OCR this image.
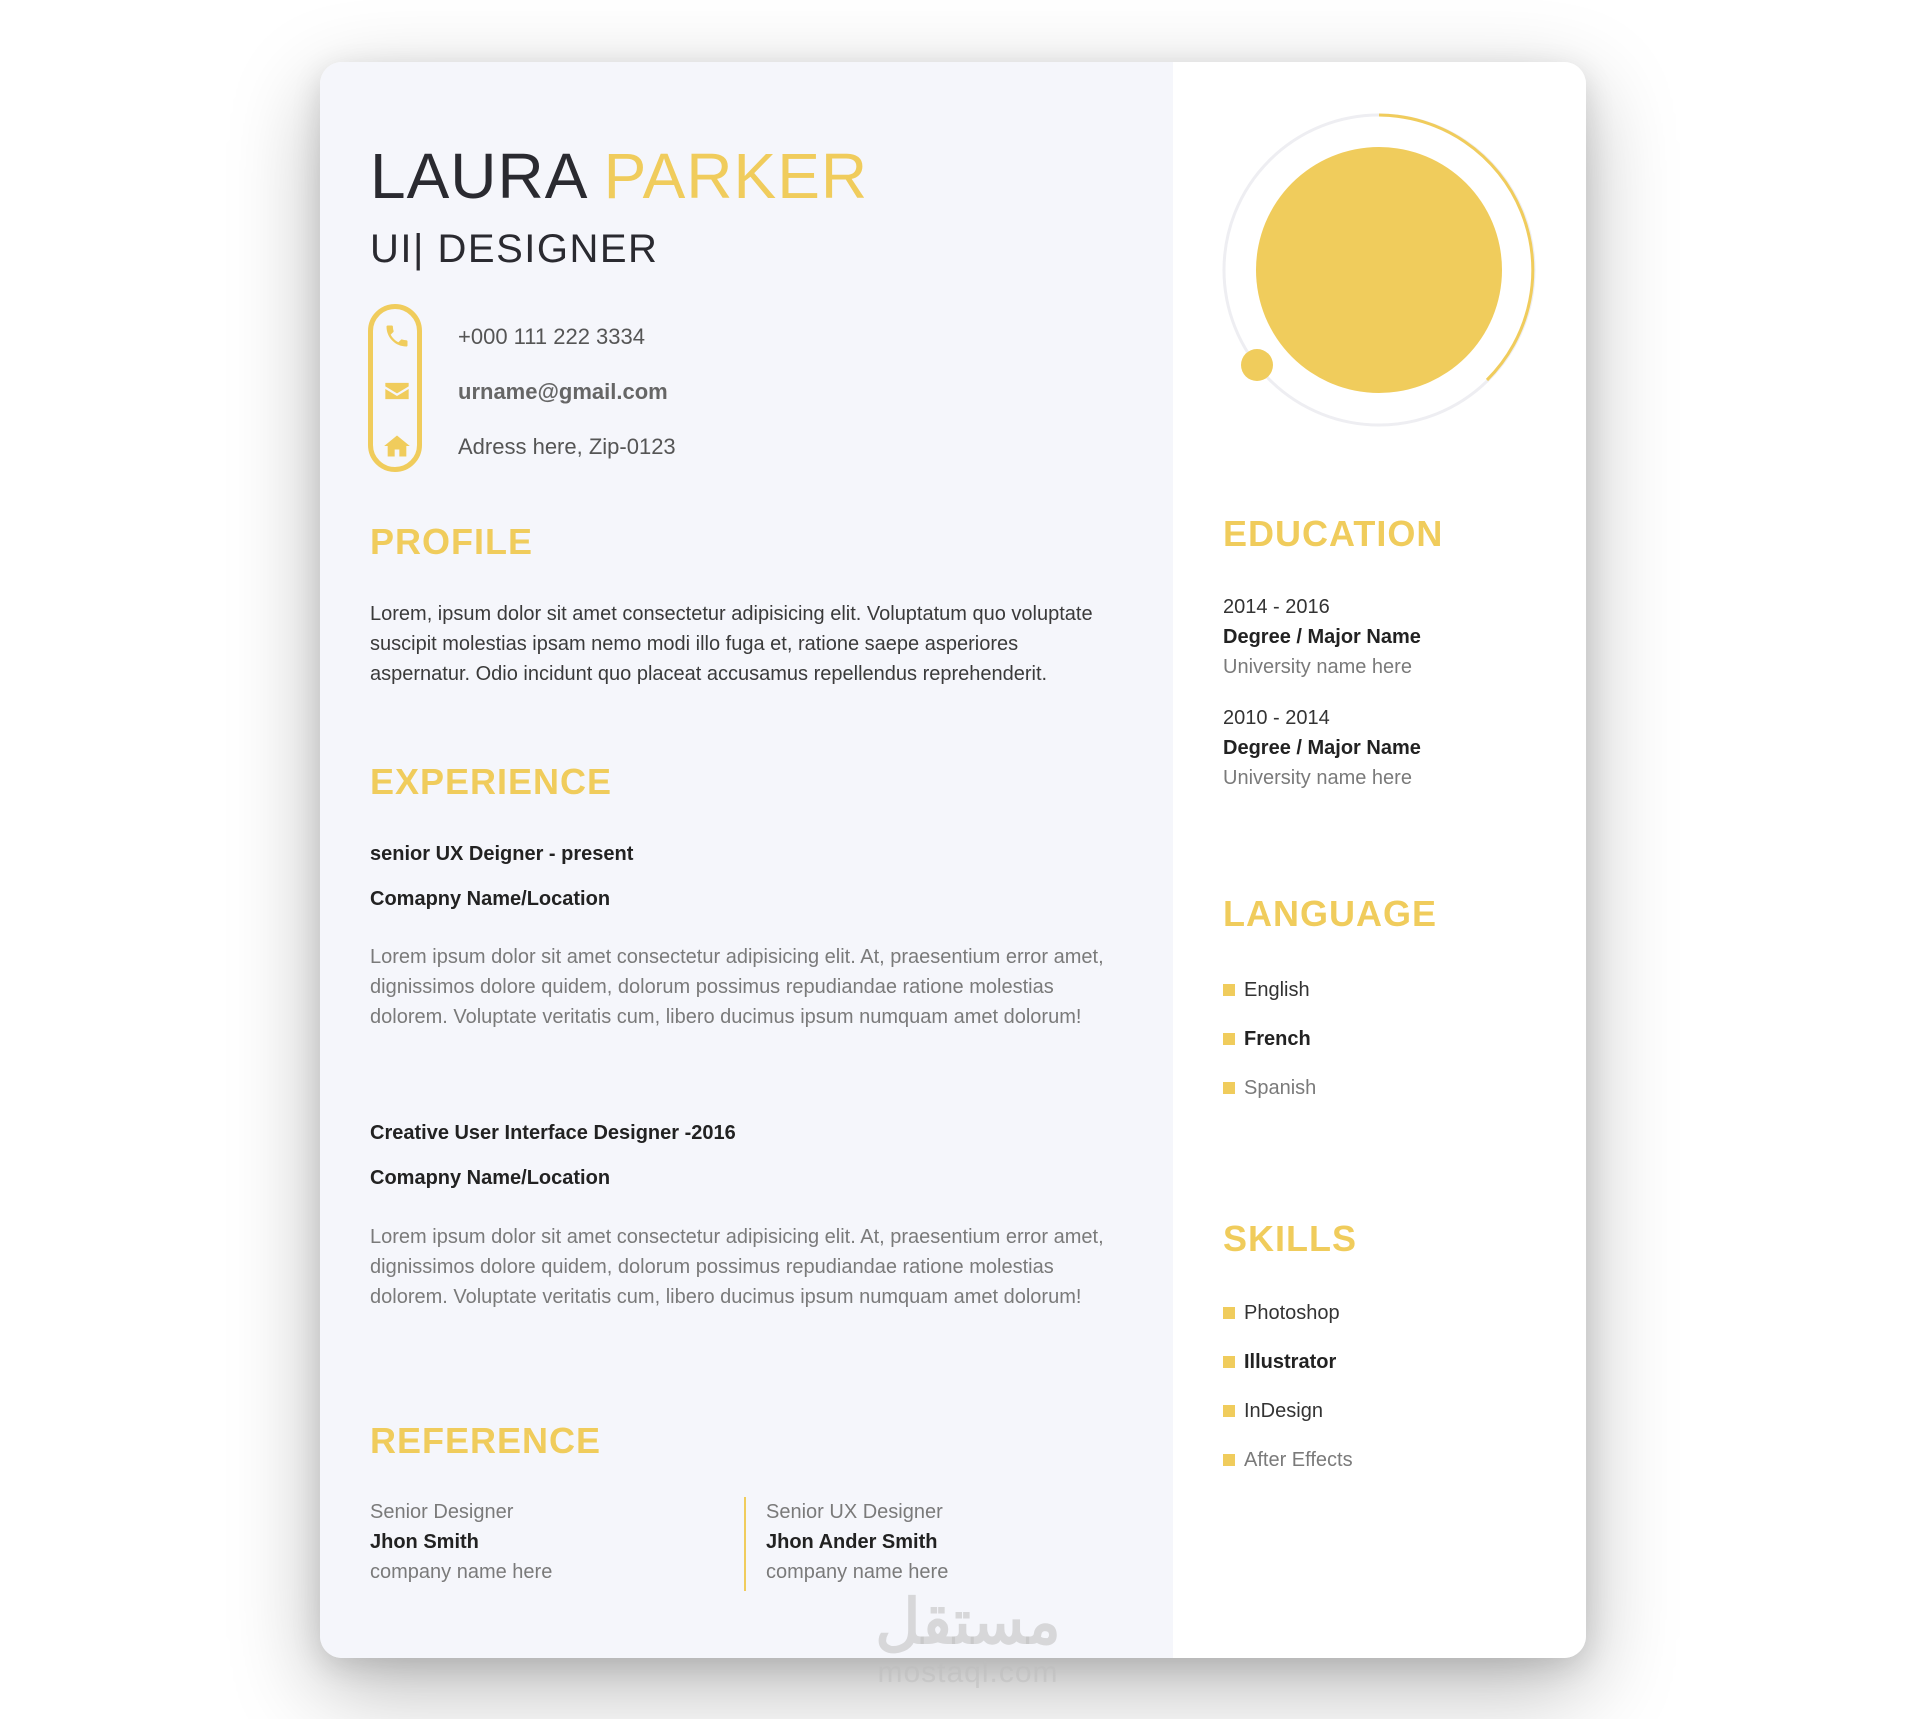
LAURA PARKER
UI| DESIGNER
+000 111 222 3334
urname@gmail.com
Adress here, Zip-0123
PROFILE

Lorem, ipsum dolor sit amet consectetur adipisicing elit. Voluptatum quo voluptate suscipit molestias ipsam nemo modi illo fuga et, ratione saepe asperiores aspernatur. Odio incidunt quo placeat accusamus repellendus reprehenderit.

EXPERIENCE
senior UX Deigner - present
Comapny Name/Location

Lorem ipsum dolor sit amet consectetur adipisicing elit. At, praesentium error amet, dignissimos dolore quidem, dolorum possimus repudiandae ratione molestias dolorem. Voluptate veritatis cum, libero ducimus ipsum numquam amet dolorum!

Creative User Interface Designer -2016
Comapny Name/Location

Lorem ipsum dolor sit amet consectetur adipisicing elit. At, praesentium error amet, dignissimos dolore quidem, dolorum possimus repudiandae ratione molestias dolorem. Voluptate veritatis cum, libero ducimus ipsum numquam amet dolorum!

REFERENCE
Senior Designer
Jhon Smith
company name here
Senior UX Designer
Jhon Ander Smith
company name here
EDUCATION
2014 - 2016
Degree / Major Name
University name here
2010 - 2014
Degree / Major Name
University name here
LANGUAGE
English
French
Spanish
SKILLS
Photoshop
Illustrator
InDesign
After Effects
مستقل
mostaql.com
